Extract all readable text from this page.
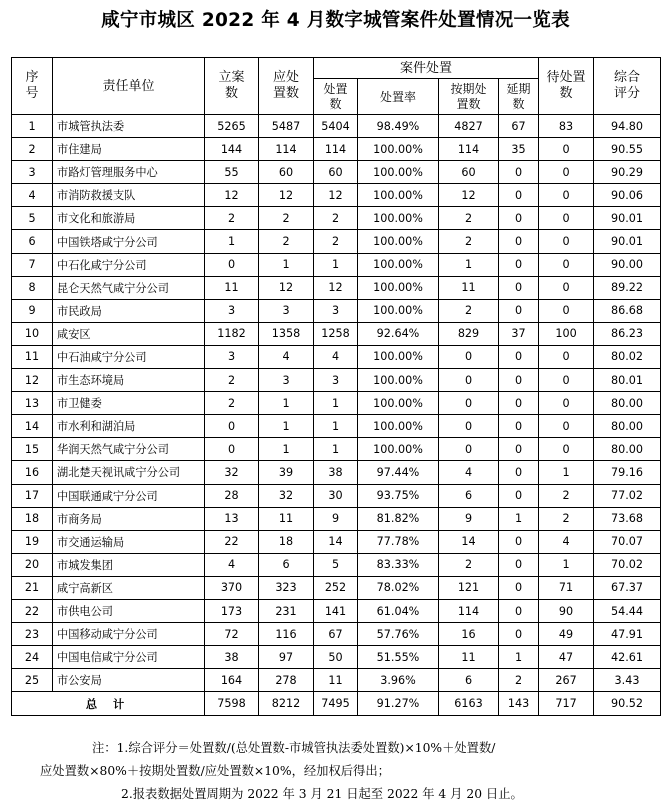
咸宁市城区 2022 年 4 月数字城管案件处置情况一览表
序号	责任单位	立案数	应处置数	案件处置				待处置数	综合评分
				处置数	处置率	按期处置数	延期数		
1	市城管执法委	5265	5487	5404	98.49%	4827	67	83	94.80
2	市住建局	144	114	114	100.00%	114	35	0	90.55
3	市路灯管理服务中心	55	60	60	100.00%	60	0	0	90.29
4	市消防救援支队	12	12	12	100.00%	12	0	0	90.06
5	市文化和旅游局	2	2	2	100.00%	2	0	0	90.01
6	中国铁塔咸宁分公司	1	2	2	100.00%	2	0	0	90.01
7	中石化咸宁分公司	0	1	1	100.00%	1	0	0	90.00
8	昆仑天然气咸宁分公司	11	12	12	100.00%	11	0	0	89.22
9	市民政局	3	3	3	100.00%	2	0	0	86.68
10	咸安区	1182	1358	1258	92.64%	829	37	100	86.23
11	中石油咸宁分公司	3	4	4	100.00%	0	0	0	80.02
12	市生态环境局	2	3	3	100.00%	0	0	0	80.01
13	市卫健委	2	1	1	100.00%	0	0	0	80.00
14	市水利和湖泊局	0	1	1	100.00%	0	0	0	80.00
15	华润天然气咸宁分公司	0	1	1	100.00%	0	0	0	80.00
16	湖北楚天视讯咸宁分公司	32	39	38	97.44%	4	0	1	79.16
17	中国联通咸宁分公司	28	32	30	93.75%	6	0	2	77.02
18	市商务局	13	11	9	81.82%	9	1	2	73.68
19	市交通运输局	22	18	14	77.78%	14	0	4	70.07
20	市城发集团	4	6	5	83.33%	2	0	1	70.02
21	咸宁高新区	370	323	252	78.02%	121	0	71	67.37
22	市供电公司	173	231	141	61.04%	114	0	90	54.44
23	中国移动咸宁分公司	72	116	67	57.76%	16	0	49	47.91
24	中国电信咸宁分公司	38	97	50	51.55%	11	1	47	42.61
25	市公安局	164	278	11	3.96%	6	2	267	3.43
总 计		7598	8212	7495	91.27%	6163	143	717	90.52
注：1.综合评分＝处置数/(总处置数-市城管执法委处置数)×10%＋处置数/
应处置数×80%＋按期处置数/应处置数×10%，经加权后得出；
2.报表数据处置周期为 2022 年 3 月 21 日起至 2022 年 4 月 20 日止。
